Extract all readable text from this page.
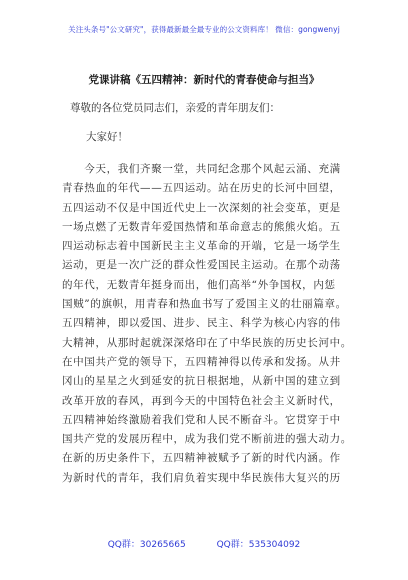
关注头条号"公文研究"，获得最新最全最专业的公文资料库！ 微信：gongwenyj
党课讲稿《五四精神：新时代的青春使命与担当》
尊敬的各位党员同志们，亲爱的青年朋友们：
大家好！
　　今天，我们齐聚一堂，共同纪念那个风起云涌、充满
青春热血的年代——五四运动。站在历史的长河中回望，
五四运动不仅是中国近代史上一次深刻的社会变革，更是
一场点燃了无数青年爱国热情和革命意志的熊熊火焰。五
四运动标志着中国新民主主义革命的开端，它是一场学生
运动，更是一次广泛的群众性爱国民主运动。在那个动荡
的年代，无数青年挺身而出，他们高举“外争国权，内惩
国贼”的旗帜，用青春和热血书写了爱国主义的壮丽篇章。
五四精神，即以爱国、进步、民主、科学为核心内容的伟
大精神，从那时起就深深烙印在了中华民族的历史长河中。
在中国共产党的领导下，五四精神得以传承和发扬。从井
冈山的星星之火到延安的抗日根据地，从新中国的建立到
改革开放的春风，再到今天的中国特色社会主义新时代，
五四精神始终激励着我们党和人民不断奋斗。它贯穿于中
国共产党的发展历程中，成为我们党不断前进的强大动力。
在新的历史条件下，五四精神被赋予了新的时代内涵。作
为新时代的青年，我们肩负着实现中华民族伟大复兴的历
QQ群：30265665	QQ群：535304092
